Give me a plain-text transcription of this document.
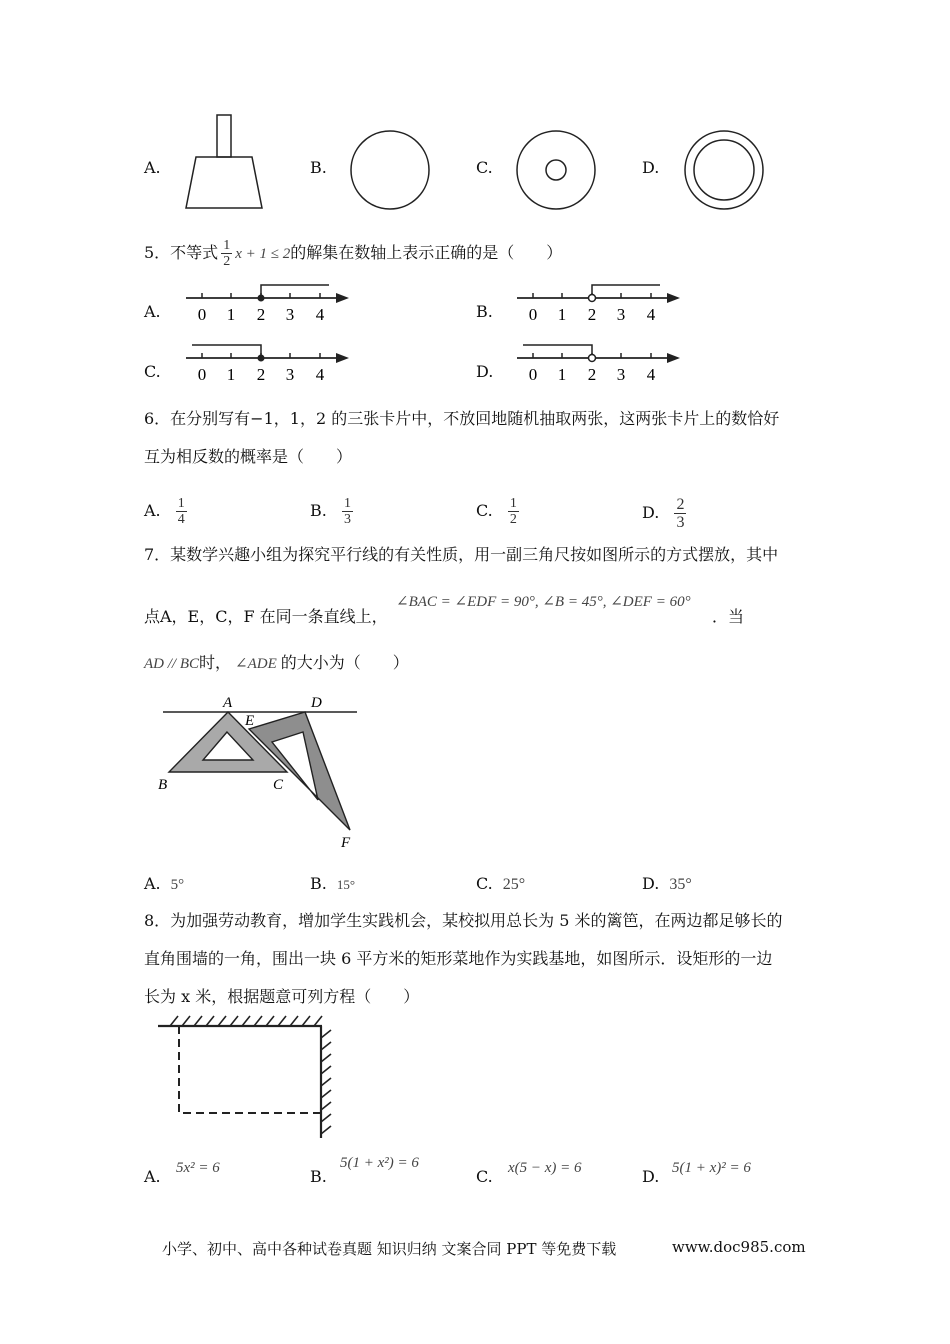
A.	B.	C.	D.
5．不等式 $\frac{1}{2}$ x + 1 ≤ 2的解集在数轴上表示正确的是（　　）
A. 0 1 2 3 4	B. 0 1 2 3 4
C. 0 1 2 3 4	D. 0 1 2 3 4
6．在分别写有−1，1，2 的三张卡片中，不放回地随机抽取两张，这两张卡片上的数恰好
互为相反数的概率是（　　）
A. $\frac{1}{4}$	B. $\frac{1}{3}$	C. $\frac{1}{2}$	D. $\frac{2}{3}$
7．某数学兴趣小组为探究平行线的有关性质，用一副三角尺按如图所示的方式摆放，其中
∠BAC = ∠EDF = 90°, ∠B = 45°, ∠DEF = 60°
点A，E，C，F 在同一条直线上，	．当
AD // BC时， ∠ADE 的大小为（　　）
A
E
D
B	C
F
A. 5°	B. 15°	C. 25°	D. 35°
8．为加强劳动教育，增加学生实践机会，某校拟用总长为 5 米的篱笆，在两边都足够长的
直角围墙的一角，围出一块 6 平方米的矩形菜地作为实践基地，如图所示．设矩形的一边
长为 x 米，根据题意可列方程（　　）
A. 5x² = 6	B.
5(1 + x²) = 6
C. x(5 − x) = 6	D. 5(1 + x)² = 6
小学、初中、高中各种试卷真题 知识归纳 文案合同 PPT 等免费下载	www.doc985.com
